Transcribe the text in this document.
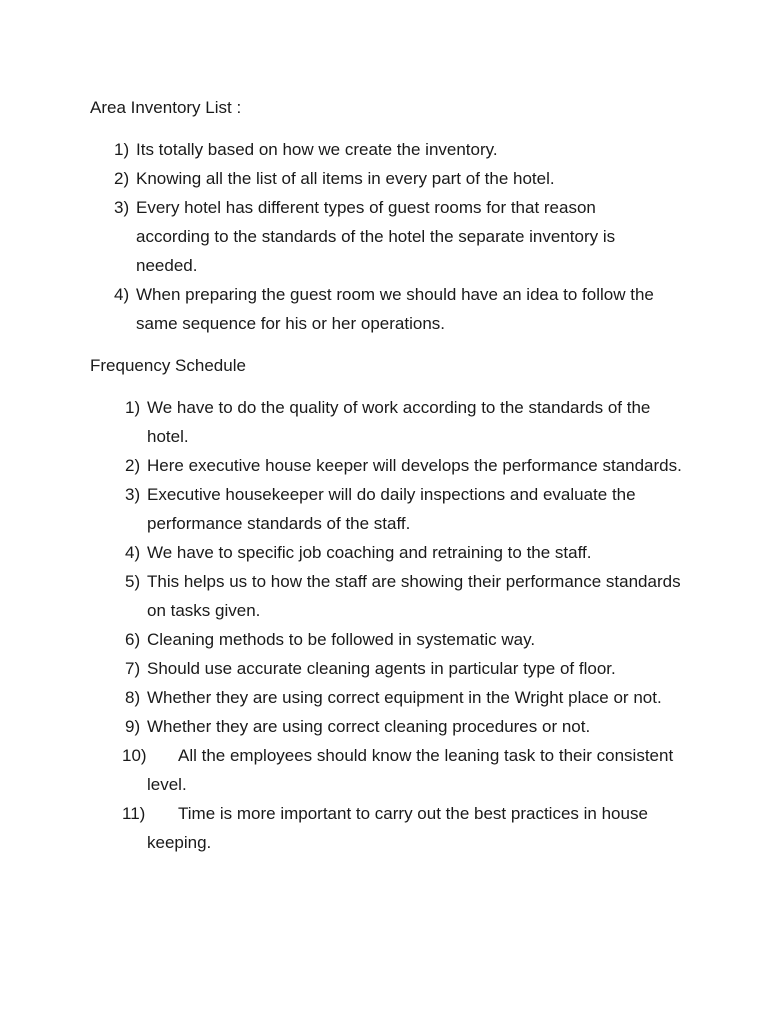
Area Inventory List :
1) Its totally based on how we create the inventory.
2) Knowing all the list of all items in every part of the hotel.
3) Every hotel has different types of guest rooms for that reason according to the standards of the hotel the separate inventory is needed.
4) When preparing the guest room we should have an idea to follow the same sequence for his or her operations.
Frequency Schedule
1) We have to do the quality of work according to the standards of the hotel.
2) Here executive house keeper will develops the performance standards.
3) Executive housekeeper will do daily inspections and evaluate the performance standards of the staff.
4) We have to specific job coaching and retraining to the staff.
5) This helps us to how the staff are showing their performance standards on tasks given.
6) Cleaning methods to be followed in systematic way.
7) Should use accurate cleaning agents in particular type of floor.
8) Whether they are using correct equipment in the Wright place or not.
9) Whether they are using correct cleaning procedures or not.
10) All the employees should know the leaning task to their consistent level.
11) Time is more important to carry out the best practices in house keeping.
